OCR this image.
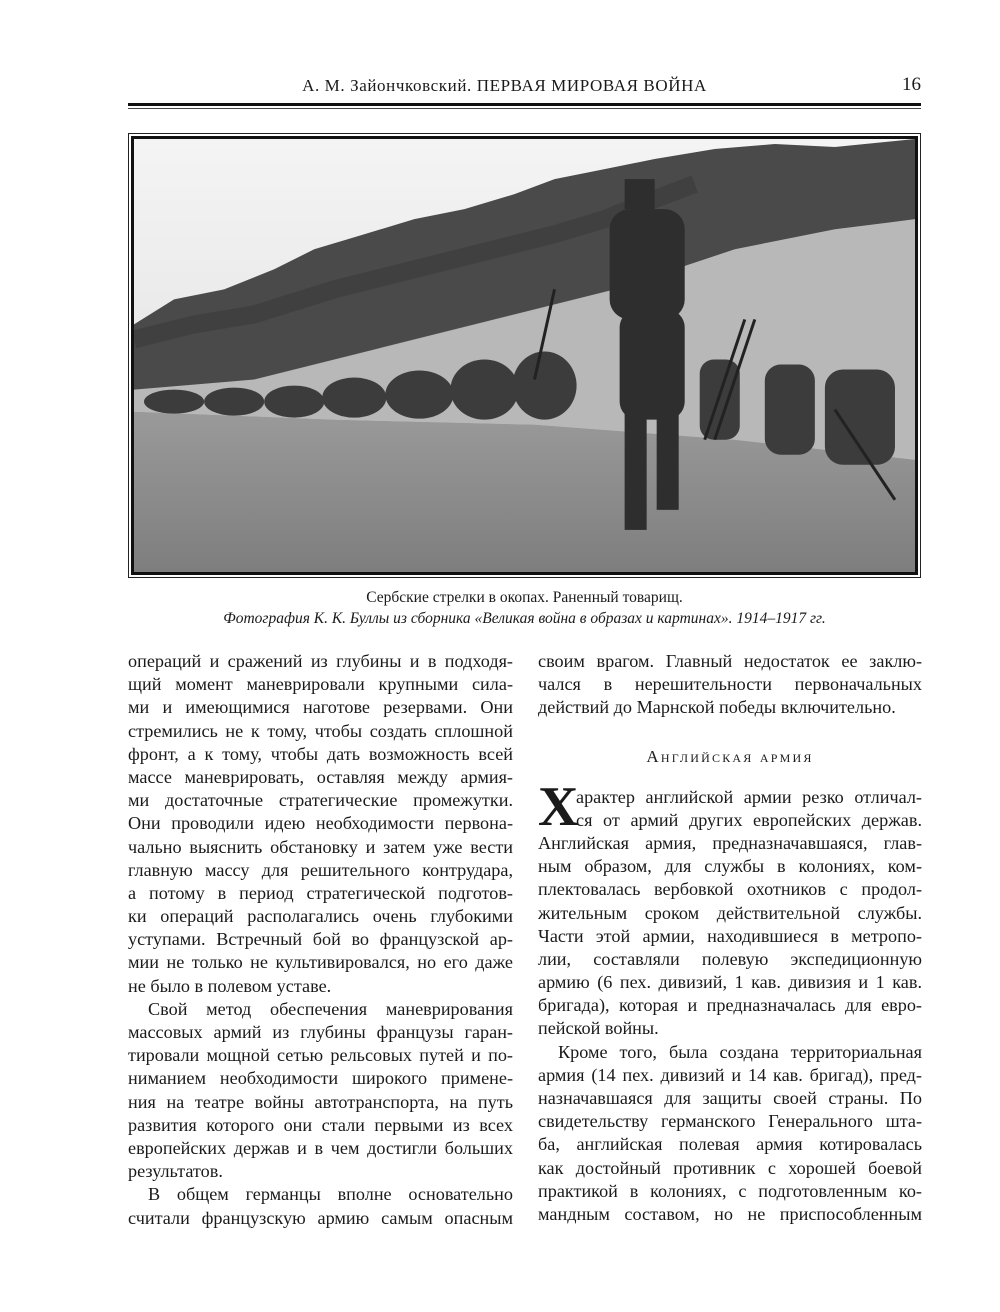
А. М. Зайончковский. ПЕРВАЯ МИРОВАЯ ВОЙНА	16
Сербские стрелки в окопах. Раненный товарищ.
Фотография К. К. Буллы из сборника «Великая война в образах и картинах». 1914–1917 гг.
операций и сражений из глубины и в подходя-
щий момент маневрировали крупными сила-
ми и имеющимися наготове резервами. Они
стремились не к тому, чтобы создать сплошной
фронт, а к тому, чтобы дать возможность всей
массе маневрировать, оставляя между армия-
ми достаточные стратегические промежутки.
Они проводили идею необходимости первона-
чально выяснить обстановку и затем уже вести
главную массу для решительного контрудара,
а потому в период стратегической подготов-
ки операций располагались очень глубокими
уступами. Встречный бой во французской ар-
мии не только не культивировался, но его даже
не было в полевом уставе.
Свой метод обеспечения маневрирования
массовых армий из глубины французы гаран-
тировали мощной сетью рельсовых путей и по-
ниманием необходимости широкого примене-
ния на театре войны автотранспорта, на путь
развития которого они стали первыми из всех
европейских держав и в чем достигли больших
результатов.
В общем германцы вполне основательно
считали французскую армию самым опасным
своим врагом. Главный недостаток ее заклю-
чался в нерешительности первоначальных
действий до Марнской победы включительно.
Английская армия
Х
арактер английской армии резко отличал-
ся от армий других европейских держав.
Английская армия, предназначавшаяся, глав-
ным образом, для службы в колониях, ком-
плектовалась вербовкой охотников с продол-
жительным сроком действительной службы.
Части этой армии, находившиеся в метропо-
лии, составляли полевую экспедиционную
армию (6 пех. дивизий, 1 кав. дивизия и 1 кав.
бригада), которая и предназначалась для евро-
пейской войны.
Кроме того, была создана территориальная
армия (14 пех. дивизий и 14 кав. бригад), пред-
назначавшаяся для защиты своей страны. По
свидетельству германского Генерального шта-
ба, английская полевая армия котировалась
как достойный противник с хорошей боевой
практикой в колониях, с подготовленным ко-
мандным составом, но не приспособленным
